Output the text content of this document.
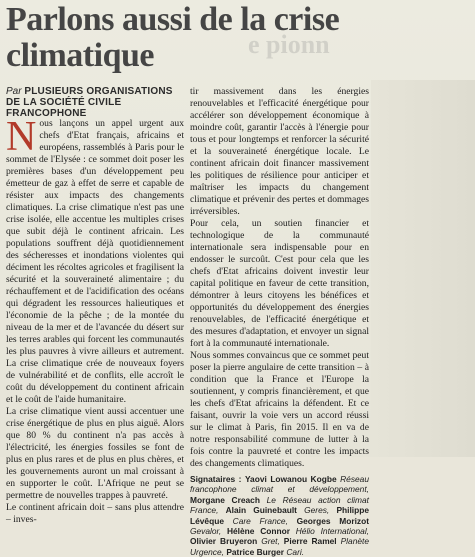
Parlons aussi de la crise
climatique	e pionn
Par PLUSIEURS ORGANISATIONS DE LA SOCIÉTÉ CIVILE FRANCOPHONE

Nous lançons un appel urgent aux chefs d'Etat français, africains et européens, rassemblés à Paris pour le sommet de l'Elysée : ce sommet doit poser les premières bases d'un développement peu émetteur de gaz à effet de serre et capable de résister aux impacts des changements climatiques. La crise climatique n'est pas une crise isolée, elle accentue les multiples crises que subit déjà le continent africain. Les populations souffrent déjà quotidiennement des sécheresses et inondations violentes qui déciment les récoltes agricoles et fragilisent la sécurité et la souveraineté alimentaire ; du réchauffement et de l'acidification des océans qui dégradent les ressources halieutiques et l'économie de la pêche ; de la montée du niveau de la mer et de l'avancée du désert sur les terres arables qui forcent les communautés les plus pauvres à vivre ailleurs et autrement. La crise climatique crée de nouveaux foyers de vulnérabilité et de conflits, elle accroît le coût du développement du continent africain et le coût de l'aide humanitaire.

La crise climatique vient aussi accentuer une crise énergétique de plus en plus aiguë. Alors que 80 % du continent n'a pas accès à l'électricité, les énergies fossiles se font de plus en plus rares et de plus en plus chères, et les gouvernements auront un mal croissant à en supporter le coût. L'Afrique ne peut se permettre de nouvelles trappes à pauvreté.

Le continent africain doit – sans plus attendre – inves-

tir massivement dans les énergies renouvelables et l'efficacité énergétique pour accélérer son développement économique à moindre coût, garantir l'accès à l'énergie pour tous et pour longtemps et renforcer la sécurité et la souveraineté énergétique locale. Le continent africain doit financer massivement les politiques de résilience pour anticiper et maîtriser les impacts du changement climatique et prévenir des pertes et dommages irréversibles.

Pour cela, un soutien financier et technologique de la communauté internationale sera indispensable pour en endosser le surcoût. C'est pour cela que les chefs d'Etat africains doivent investir leur capital politique en faveur de cette transition, démontrer à leurs citoyens les bénéfices et opportunités du développement des énergies renouvelables, de l'efficacité énergétique et des mesures d'adaptation, et envoyer un signal fort à la communauté internationale.

Nous sommes convaincus que ce sommet peut poser la pierre angulaire de cette transition – à condition que la France et l'Europe la soutiennent, y compris financièrement, et que les chefs d'Etat africains la défendent. Et ce faisant, ouvrir la voie vers un accord réussi sur le climat à Paris, fin 2015. Il en va de notre responsabilité commune de lutter à la fois contre la pauvreté et contre les impacts des changements climatiques.

Signataires : Yaovi Lowanou Kogbe Réseau francophone climat et développement, Morgane Creach Le Réseau action climat France, Alain Guinebault Geres, Philippe Lévêque Care France, Georges Morizot Gevalor, Hélène Connor Hélio International, Olivier Bruyeron Gret, Pierre Ramel Planète Urgence, Patrice Burger Cari.
